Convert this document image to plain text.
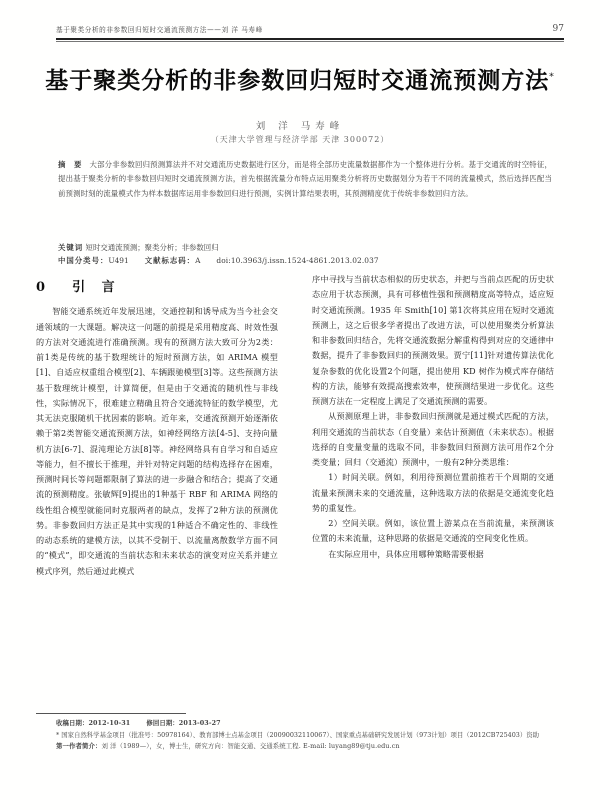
基于聚类分析的非参数回归短时交通流预测方法——刘 洋 马寿峰	97
基于聚类分析的非参数回归短时交通流预测方法*
刘 洋 马寿峰
（天津大学管理与经济学部 天津 300072）
摘 要 大部分非参数回归预测算法并不对交通流历史数据进行区分，而是将全部历史流量数据都作为一个整体进行分析。基于交通流的时空特征，提出基于聚类分析的非参数回归短时交通流预测方法，首先根据流量分布特点运用聚类分析将历史数据划分为若干不同的流量模式，然后选择匹配当前预测时刻的流量模式作为样本数据库运用非参数回归进行预测，实例计算结果表明，其预测精度优于传统非参数回归方法。
关键词 短时交通流预测；聚类分析；非参数回归
中国分类号：U491 文献标志码：A doi:10.3963/j.issn.1524-4861.2013.02.037
0 引 言

智能交通系统近年发展迅速，交通控制和诱导成为当今社会交通领域的一大课题。解决这一问题的前提是采用精度高、时效性强的方法对交通流进行准确预测。现有的预测方法大致可分为2类：前1类是传统的基于数理统计的短时预测方法，如 ARIMA 模型[1]、自适应权重组合模型[2]、车辆跟驰模型[3]等。这些预测方法基于数理统计模型，计算简便，但是由于交通流的随机性与非线性，实际情况下，很难建立精确且符合交通流特征的数学模型，尤其无法克服随机干扰因素的影响。近年来，交通流预测开始逐渐依赖于第2类智能交通流预测方法，如神经网络方法[4-5]、支持向量机方法[6-7]、混沌理论方法[8]等。神经网络具有自学习和自适应等能力，但不擅长于推理，并针对特定问题的结构选择存在困难，预测时间长等问题都限制了算法的进一步融合和结合；提高了交通流的预测精度。张敏辉[9]提出的1种基于 RBF 和 ARIMA 网络的线性组合模型就能同时克服两者的缺点，发挥了2种方法的预测优势。非参数回归方法正是其中实现的1种适合不确定性的、非线性的动态系统的建模方法，以其不受制于、以流量离散数学方面不同的“模式”，即交通流的当前状态和未来状态的演变对应关系并建立模式序列，然后通过此模式

序中寻找与当前状态相似的历史状态，并把与当前点匹配的历史状态应用于状态预测，具有可移植性强和预测精度高等特点，适应短时交通流预测。1935 年 Smith[10] 第1次将其应用在短时交通流预测上，这之后很多学者提出了改进方法，可以使用聚类分析算法和非参数回归结合，先将交通流数据分解重构得到对应的交通律中数据，提升了非参数回归的预测效果。贾宁[11]针对遗传算法优化复杂参数的优化设置2个问题，提出使用 KD 树作为模式库存储结构的方法，能够有效提高搜索效率，使预测结果进一步优化。这些预测方法在一定程度上满足了交通流预测的需要。

从预测原理上讲，非参数回归预测就是通过模式匹配的方法，利用交通流的当前状态（自变量）来估计预测值（未来状态）。根据选择的自变量变量的选取不同，非参数回归预测方法可用作2个分类变量；回归（交通流）预测中，一般有2种分类思维：

1）时间关联。例如，利用待预测位置前推若干个周期的交通流量来预测未来的交通流量，这种选取方法的依据是交通流变化趋势的重复性。

2）空间关联。例如，该位置上游某点在当前流量，来预测该位置的未来流量，这种思路的依据是交通流的空间变化性质。

在实际应用中，具体应用哪种策略需要根据

收稿日期：2012-10-31	修回日期：2013-03-27
* 国家自然科学基金项目（批准号：50978164）、教育部博士点基金项目（20090032110067）、国家重点基础研究发展计划（973计划）项目（2012CB725403）资助
第一作者简介：刘 洋（1989—），女，博士生，研究方向：智能交通、交通系统工程. E-mail: luyang89@tju.edu.cn
